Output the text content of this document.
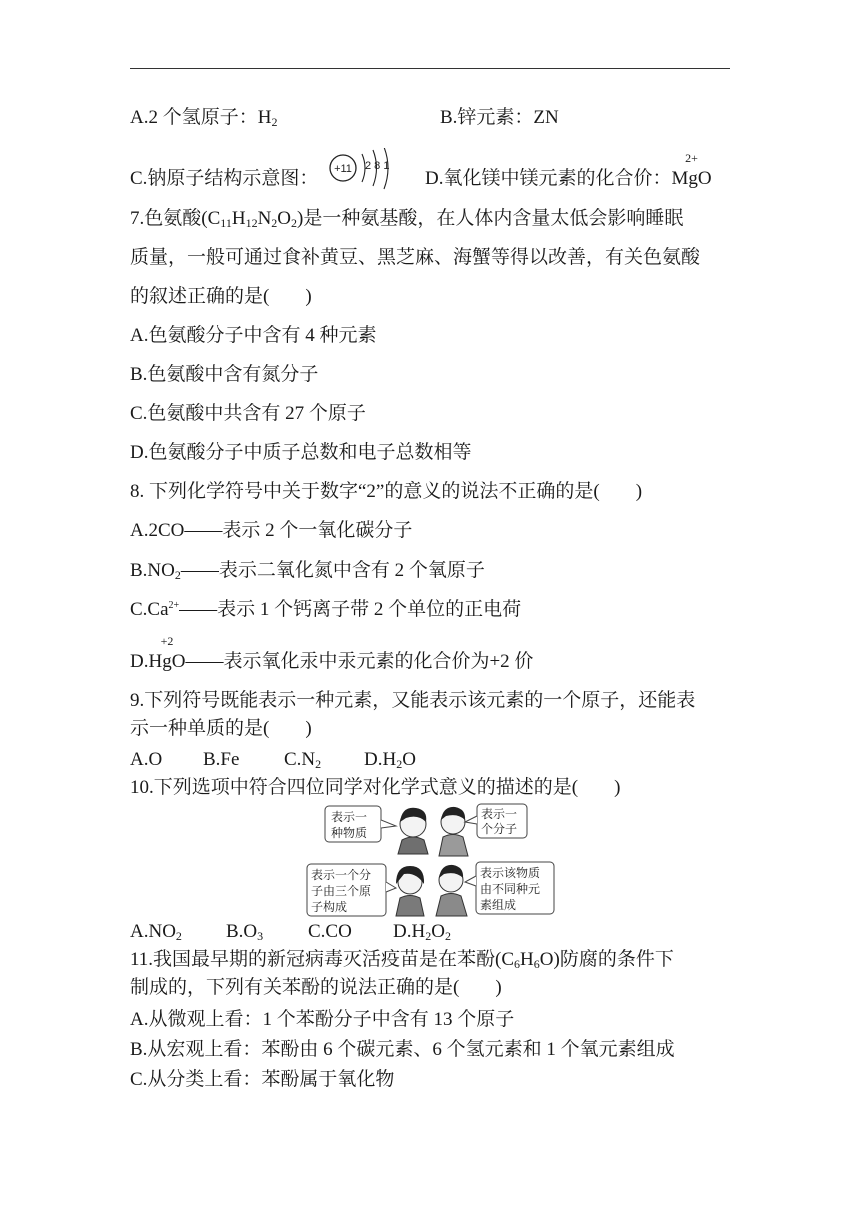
A.2 个氢原子：$H_2$	B.锌元素：ZN
C.钠原子结构示意图： +11 2 8 1
D.氧化镁中镁元素的化合价：
2+
MgO
7.色氨酸$(C_{11}H_{12}N_2O_2)$是一种氨基酸，在人体内含量太低会影响睡眠
质量，一般可通过食补黄豆、黑芝麻、海蟹等得以改善，有关色氨酸
的叙述正确的是( )
A.色氨酸分子中含有 4 种元素
B.色氨酸中含有氮分子
C.色氨酸中共含有 27 个原子
D.色氨酸分子中质子总数和电子总数相等
8. 下列化学符号中关于数字“2”的意义的说法不正确的是( )
A.2CO——表示 2 个一氧化碳分子
$B.NO_2——$表示二氧化氮中含有 2 个氧原子
$C.Ca^{2+}——$表示 1 个钙离子带 2 个单位的正电荷
D.
+2
HgO——表示氧化汞中汞元素的化合价为+2 价
9.下列符号既能表示一种元素，又能表示该元素的一个原子，还能表
示一种单质的是( )
A.O B.Fe $C.N_2$ $D.H_2O$
10.下列选项中符合四位同学对化学式意义的描述的是( )
表示一
种物质
表示一
个分子
表示一个分
子由三个原
子构成
表示该物质
由不同种元
素组成
$A.NO_2$ $B.O_3$ C.CO $D.H_2O_2$
11.我国最早期的新冠病毒灭活疫苗是在苯酚$(C_6H_6O)$防腐的条件下
制成的，下列有关苯酚的说法正确的是( )
A.从微观上看：1 个苯酚分子中含有 13 个原子
B.从宏观上看：苯酚由 6 个碳元素、6 个氢元素和 1 个氧元素组成
C.从分类上看：苯酚属于氧化物
